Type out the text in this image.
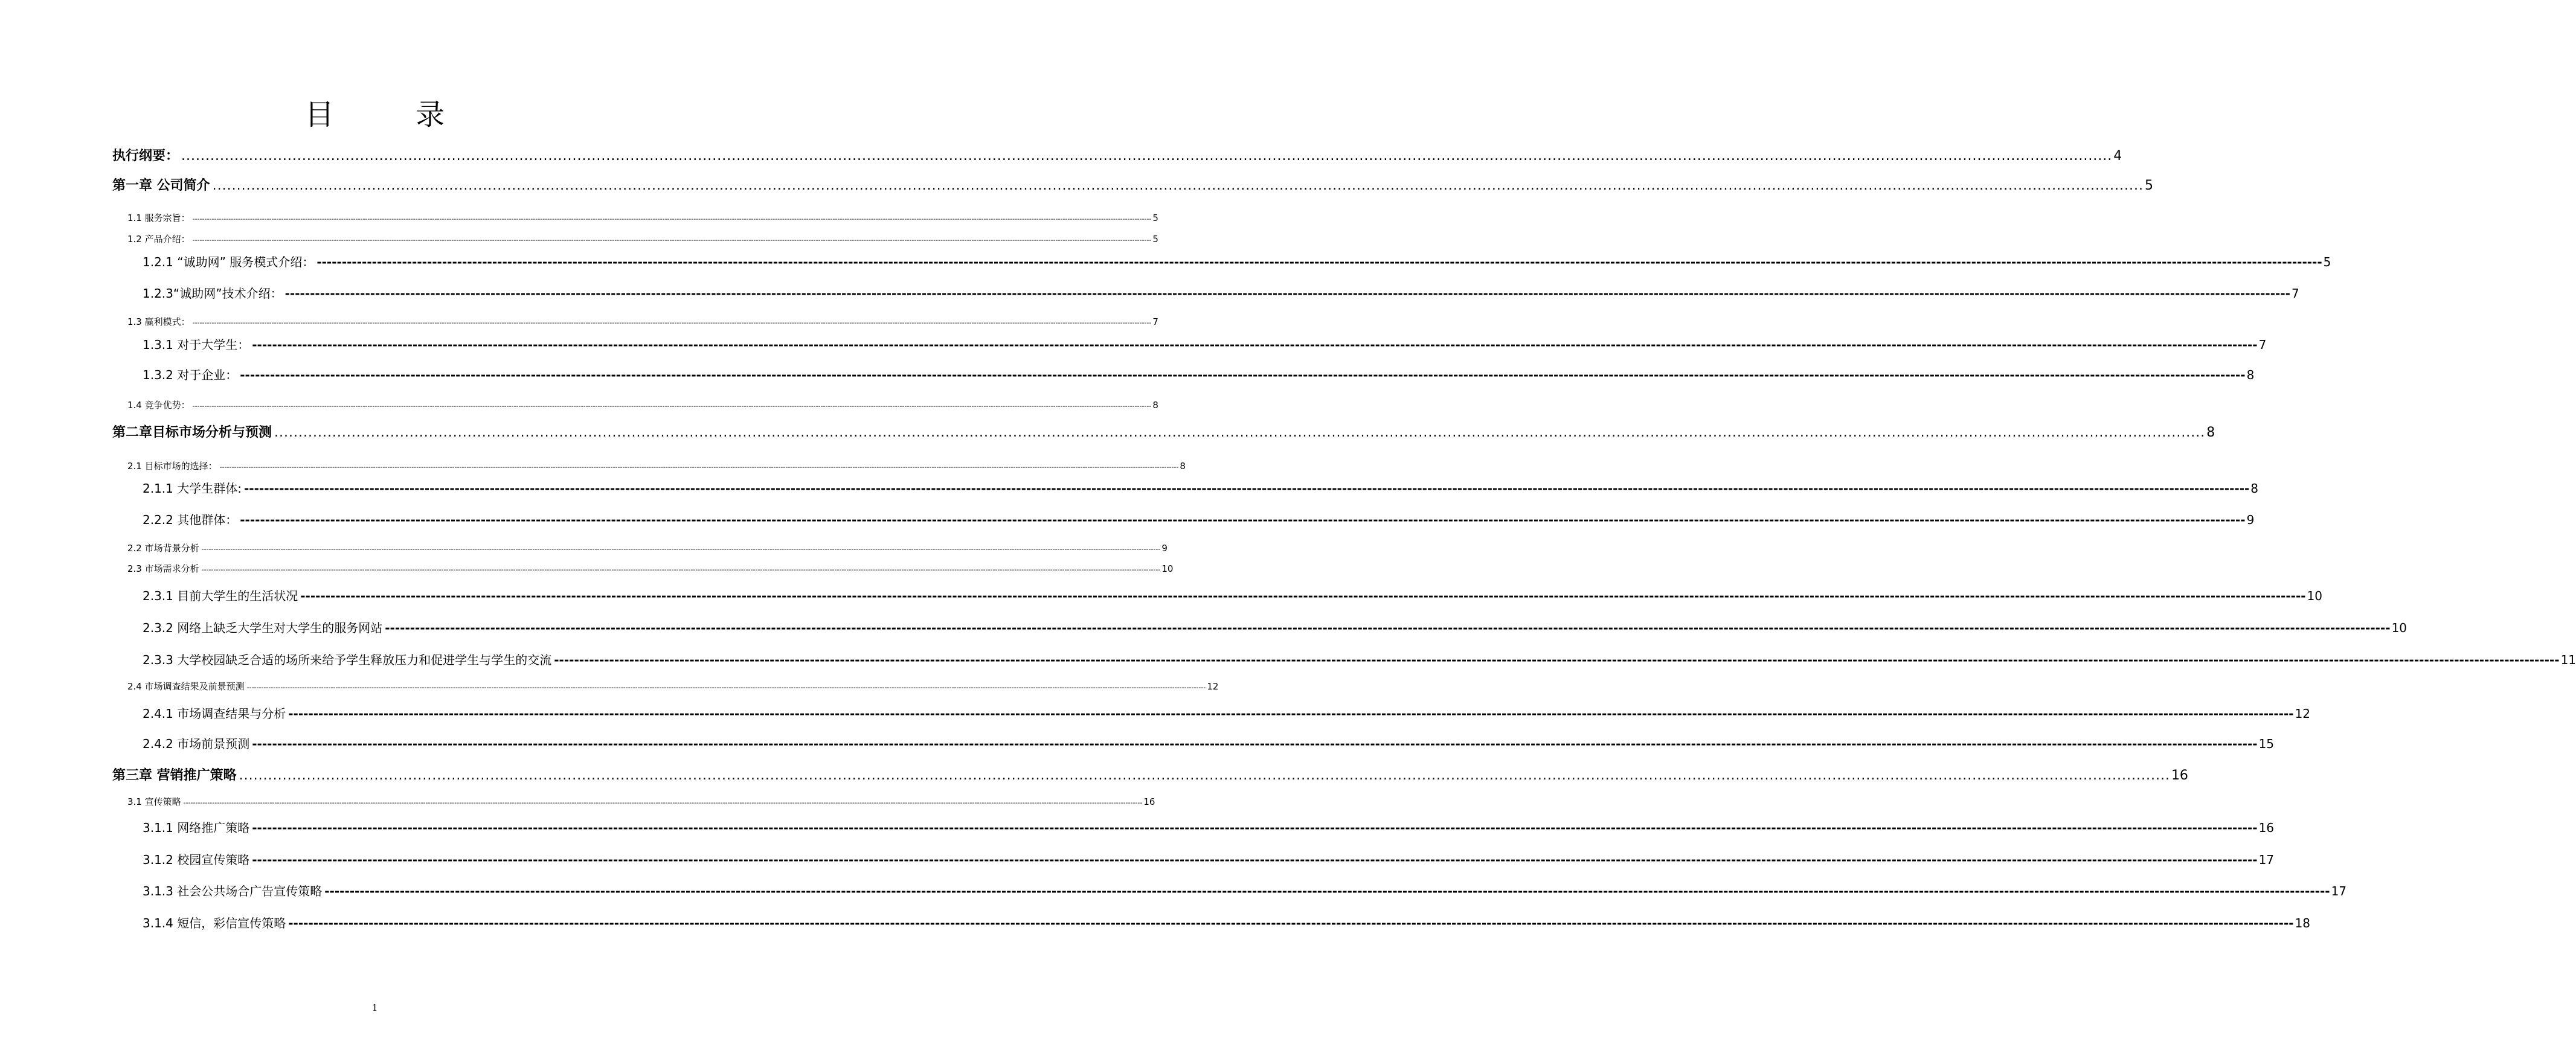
目 录
执行纲要： ................................................................................................................................................................................................................................................................................................................................................................................................................ 4
第一章 公司简介 ................................................................................................................................................................................................................................................................................................................................................................................................................ 5
1.1 服务宗旨： ---------------------------------------------------------------------------------------------------------------------------------------------------------------------------------------------------------------------------------------------------------------------------------------------------------------------------------------------------------------------------------------------------------------- 5
1.2 产品介绍： ---------------------------------------------------------------------------------------------------------------------------------------------------------------------------------------------------------------------------------------------------------------------------------------------------------------------------------------------------------------------------------------------------------------- 5
1.2.1 “诚助网” 服务模式介绍： ---------------------------------------------------------------------------------------------------------------------------------------------------------------------------------------------------------------------------------------------------------------------------------------------------------------------------------------------------------------------------------------------------------------- 5
1.2.3“诚助网”技术介绍： ---------------------------------------------------------------------------------------------------------------------------------------------------------------------------------------------------------------------------------------------------------------------------------------------------------------------------------------------------------------------------------------------------------------- 7
1.3 赢利模式： ---------------------------------------------------------------------------------------------------------------------------------------------------------------------------------------------------------------------------------------------------------------------------------------------------------------------------------------------------------------------------------------------------------------- 7
1.3.1 对于大学生： ---------------------------------------------------------------------------------------------------------------------------------------------------------------------------------------------------------------------------------------------------------------------------------------------------------------------------------------------------------------------------------------------------------------- 7
1.3.2 对于企业： ---------------------------------------------------------------------------------------------------------------------------------------------------------------------------------------------------------------------------------------------------------------------------------------------------------------------------------------------------------------------------------------------------------------- 8
1.4 竞争优势： ---------------------------------------------------------------------------------------------------------------------------------------------------------------------------------------------------------------------------------------------------------------------------------------------------------------------------------------------------------------------------------------------------------------- 8
第二章目标市场分析与预测 ................................................................................................................................................................................................................................................................................................................................................................................................................ 8
2.1 目标市场的选择： ---------------------------------------------------------------------------------------------------------------------------------------------------------------------------------------------------------------------------------------------------------------------------------------------------------------------------------------------------------------------------------------------------------------- 8
2.1.1 大学生群体: ---------------------------------------------------------------------------------------------------------------------------------------------------------------------------------------------------------------------------------------------------------------------------------------------------------------------------------------------------------------------------------------------------------------- 8
2.2.2 其他群体： ---------------------------------------------------------------------------------------------------------------------------------------------------------------------------------------------------------------------------------------------------------------------------------------------------------------------------------------------------------------------------------------------------------------- 9
2.2 市场背景分析 ---------------------------------------------------------------------------------------------------------------------------------------------------------------------------------------------------------------------------------------------------------------------------------------------------------------------------------------------------------------------------------------------------------------- 9
2.3 市场需求分析 ---------------------------------------------------------------------------------------------------------------------------------------------------------------------------------------------------------------------------------------------------------------------------------------------------------------------------------------------------------------------------------------------------------------- 10
2.3.1 目前大学生的生活状况 ---------------------------------------------------------------------------------------------------------------------------------------------------------------------------------------------------------------------------------------------------------------------------------------------------------------------------------------------------------------------------------------------------------------- 10
2.3.2 网络上缺乏大学生对大学生的服务网站 ---------------------------------------------------------------------------------------------------------------------------------------------------------------------------------------------------------------------------------------------------------------------------------------------------------------------------------------------------------------------------------------------------------------- 10
2.3.3 大学校园缺乏合适的场所来给予学生释放压力和促进学生与学生的交流 ---------------------------------------------------------------------------------------------------------------------------------------------------------------------------------------------------------------------------------------------------------------------------------------------------------------------------------------------------------------------------------------------------------------- 11
2.4 市场调查结果及前景预测 ---------------------------------------------------------------------------------------------------------------------------------------------------------------------------------------------------------------------------------------------------------------------------------------------------------------------------------------------------------------------------------------------------------------- 12
2.4.1 市场调查结果与分析 ---------------------------------------------------------------------------------------------------------------------------------------------------------------------------------------------------------------------------------------------------------------------------------------------------------------------------------------------------------------------------------------------------------------- 12
2.4.2 市场前景预测 ---------------------------------------------------------------------------------------------------------------------------------------------------------------------------------------------------------------------------------------------------------------------------------------------------------------------------------------------------------------------------------------------------------------- 15
第三章 营销推广策略 ................................................................................................................................................................................................................................................................................................................................................................................................................ 16
3.1 宣传策略 ---------------------------------------------------------------------------------------------------------------------------------------------------------------------------------------------------------------------------------------------------------------------------------------------------------------------------------------------------------------------------------------------------------------- 16
3.1.1 网络推广策略 ---------------------------------------------------------------------------------------------------------------------------------------------------------------------------------------------------------------------------------------------------------------------------------------------------------------------------------------------------------------------------------------------------------------- 16
3.1.2 校园宣传策略 ---------------------------------------------------------------------------------------------------------------------------------------------------------------------------------------------------------------------------------------------------------------------------------------------------------------------------------------------------------------------------------------------------------------- 17
3.1.3 社会公共场合广告宣传策略 ---------------------------------------------------------------------------------------------------------------------------------------------------------------------------------------------------------------------------------------------------------------------------------------------------------------------------------------------------------------------------------------------------------------- 17
3.1.4 短信，彩信宣传策略 ---------------------------------------------------------------------------------------------------------------------------------------------------------------------------------------------------------------------------------------------------------------------------------------------------------------------------------------------------------------------------------------------------------------- 18
1
